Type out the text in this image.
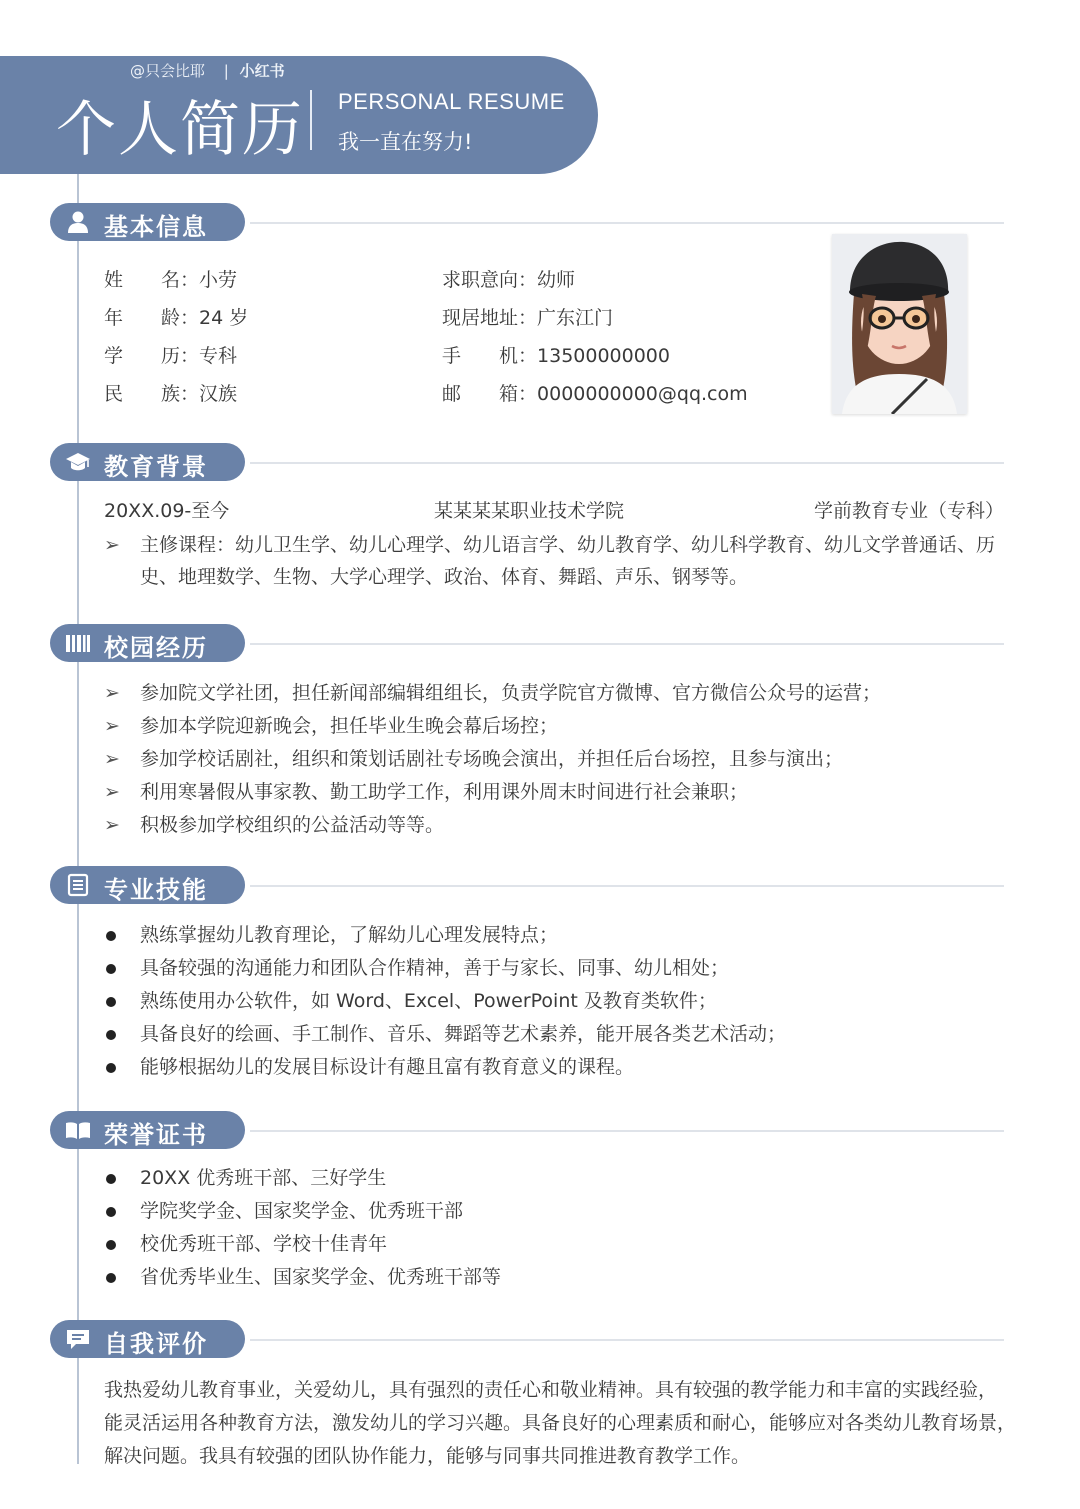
@只会比耶 | 小红书
个人简历 PERSONAL RESUME
我一直在努力!
基本信息
姓　　名：小劳
年　　龄：24 岁
学　　历：专科
民　　族：汉族
求职意向：幼师
现居地址：广东江门
手　　机：13500000000
邮　　箱：0000000000@qq.com
教育背景
20XX.09-至今	某某某某职业技术学院	学前教育专业（专科）
➢ 主修课程：幼儿卫生学、幼儿心理学、幼儿语言学、幼儿教育学、幼儿科学教育、幼儿文学普通话、历
史、地理数学、生物、大学心理学、政治、体育、舞蹈、声乐、钢琴等。
校园经历
➢ 参加院文学社团，担任新闻部编辑组组长，负责学院官方微博、官方微信公众号的运营；
➢ 参加本学院迎新晚会，担任毕业生晚会幕后场控；
➢ 参加学校话剧社，组织和策划话剧社专场晚会演出，并担任后台场控，且参与演出；
➢ 利用寒暑假从事家教、勤工助学工作，利用课外周末时间进行社会兼职；
➢ 积极参加学校组织的公益活动等等。
专业技能
熟练掌握幼儿教育理论，了解幼儿心理发展特点；
具备较强的沟通能力和团队合作精神，善于与家长、同事、幼儿相处；
熟练使用办公软件，如 Word、Excel、PowerPoint 及教育类软件；
具备良好的绘画、手工制作、音乐、舞蹈等艺术素养，能开展各类艺术活动；
能够根据幼儿的发展目标设计有趣且富有教育意义的课程。
荣誉证书
20XX 优秀班干部、三好学生
学院奖学金、国家奖学金、优秀班干部
校优秀班干部、学校十佳青年
省优秀毕业生、国家奖学金、优秀班干部等
自我评价
我热爱幼儿教育事业，关爱幼儿，具有强烈的责任心和敬业精神。具有较强的教学能力和丰富的实践经验，
能灵活运用各种教育方法，激发幼儿的学习兴趣。具备良好的心理素质和耐心，能够应对各类幼儿教育场景，
解决问题。我具有较强的团队协作能力，能够与同事共同推进教育教学工作。
